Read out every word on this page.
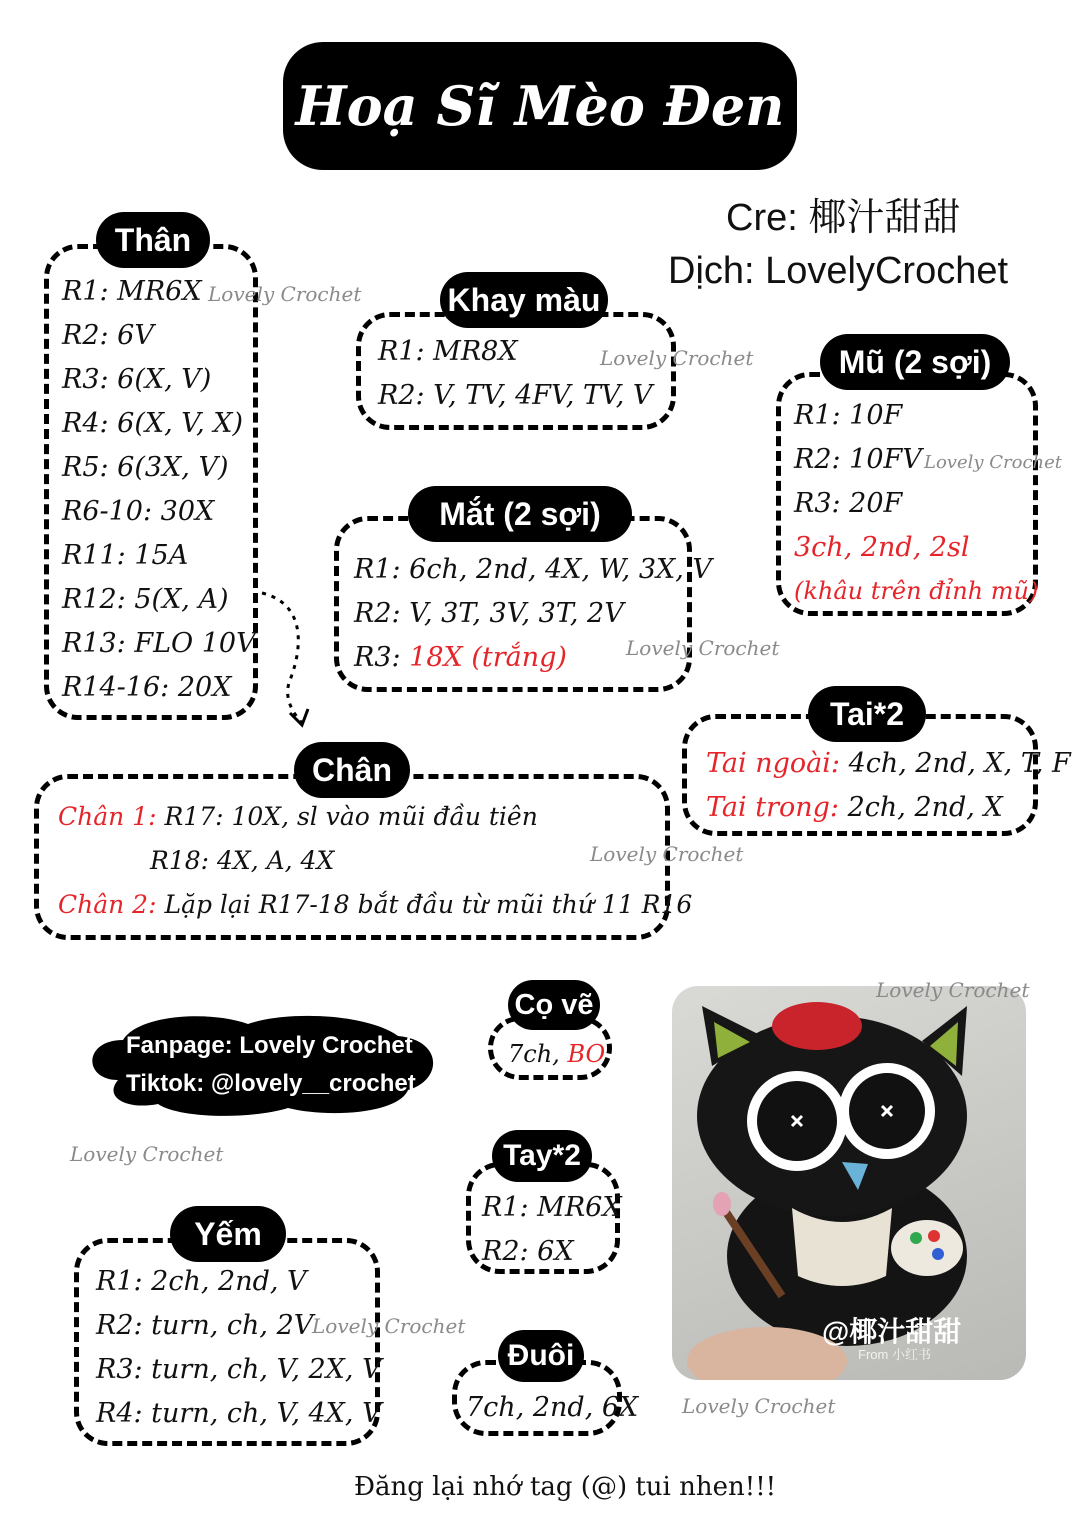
Hoạ Sĩ Mèo Đen
Cre: 椰汁甜甜
Dịch: LovelyCrochet
Thân
R1: MR6X
R2: 6V
R3: 6(X, V)
R4: 6(X, V, X)
R5: 6(3X, V)
R6-10: 30X
R11: 15A
R12: 5(X, A)
R13: FLO 10V
R14-16: 20X
Lovely Crochet	Khay màu
R1: MR8X
R2: V, TV, 4FV, TV, V
Lovely Crochet	Mũ (2 sợi)
R1: 10F
R2: 10FV
R3: 20F
3ch, 2nd, 2sl
(khâu trên đỉnh mũ)
Lovely Crochet
Mắt (2 sợi)
R1: 6ch, 2nd, 4X, W, 3X, V
R2: V, 3T, 3V, 3T, 2V
R3: 18X (trắng)	Lovely Crochet
Tai*2
Tai ngoài: 4ch, 2nd, X, T, F
Tai trong: 2ch, 2nd, X
Chân
Chân 1: R17: 10X, sl vào mũi đầu tiên
R18: 4X, A, 4X
Chân 2: Lặp lại R17-18 bắt đầu từ mũi thứ 11 R16
Lovely Crochet
Fanpage: Lovely Crochet
Tiktok: @lovely__crochet
Lovely Crochet
Cọ vẽ
7ch, BO
Tay*2
R1: MR6X
R2: 6X
Yếm
R1: 2ch, 2nd, V
R2: turn, ch, 2V
R3: turn, ch, V, 2X, V
R4: turn, ch, V, 4X, V
Lovely Crochet
Đuôi
7ch, 2nd, 6X
@椰汁甜甜
From 小红书
Lovely Crochet
Lovely Crochet
Đăng lại nhớ tag (@) tui nhen!!!
